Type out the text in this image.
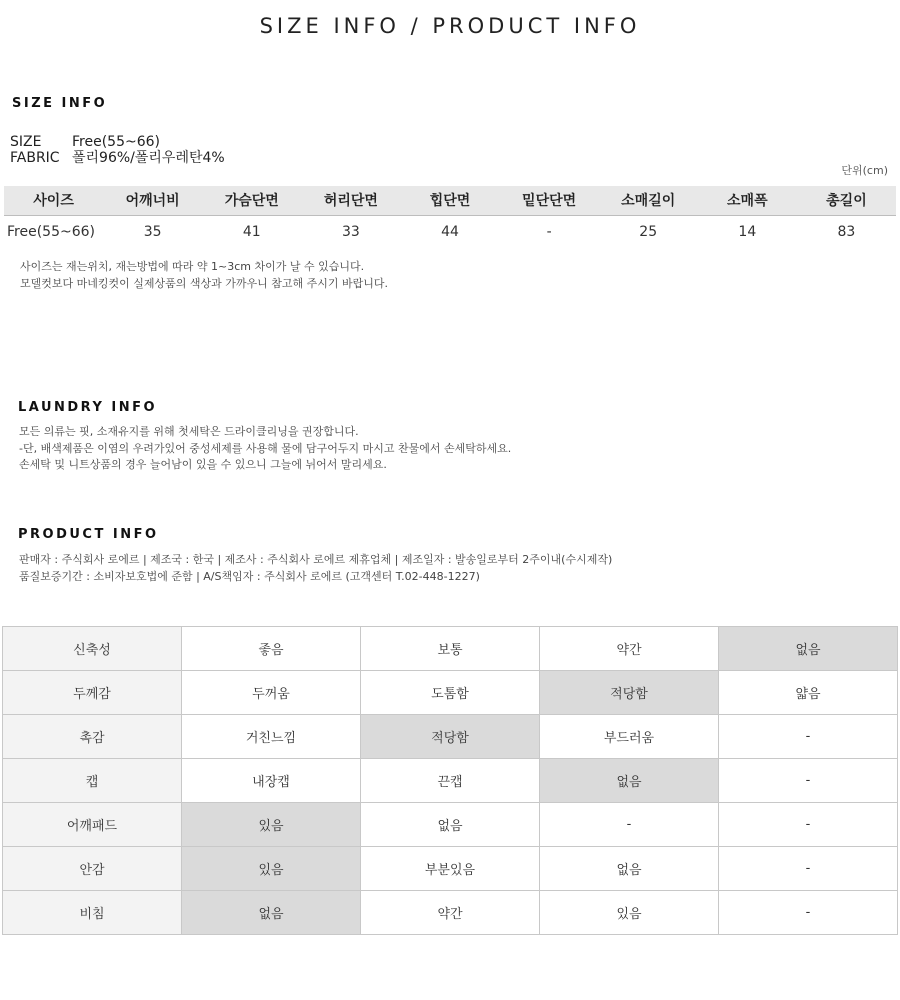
SIZE INFO / PRODUCT INFO
SIZE INFO
SIZE Free(55~66)
FABRIC 폴리96%/폴리우레탄4%
단위(cm)
사이즈	어깨너비	가슴단면	허리단면	힙단면	밑단단면	소매길이	소매폭	총길이
Free(55~66)	35	41	33	44	-	25	14	83
사이즈는 재는위치, 재는방법에 따라 약 1~3cm 차이가 날 수 있습니다.
모델컷보다 마네킹컷이 실제상품의 색상과 가까우니 참고해 주시기 바랍니다.
LAUNDRY INFO
모든 의류는 핏, 소재유지를 위해 첫세탁은 드라이클리닝을 권장합니다.
-단, 배색제품은 이염의 우려가있어 중성세제를 사용해 물에 담구어두지 마시고 찬물에서 손세탁하세요.
손세탁 및 니트상품의 경우 늘어남이 있을 수 있으니 그늘에 뉘어서 말리세요.
PRODUCT INFO
판매자 : 주식회사 로에르 | 제조국 : 한국 | 제조사 : 주식회사 로에르 제휴업체 | 제조일자 : 발송일로부터 2주이내(수시제작)
품질보증기간 : 소비자보호법에 준함 | A/S책임자 : 주식회사 로에르 (고객센터 T.02-448-1227)
신축성	좋음	보통	약간	없음
두께감	두꺼움	도톰함	적당함	얇음
촉감	거친느낌	적당함	부드러움	-
캡	내장캡	끈캡	없음	-
어깨패드	있음	없음	-	-
안감	있음	부분있음	없음	-
비침	없음	약간	있음	-
